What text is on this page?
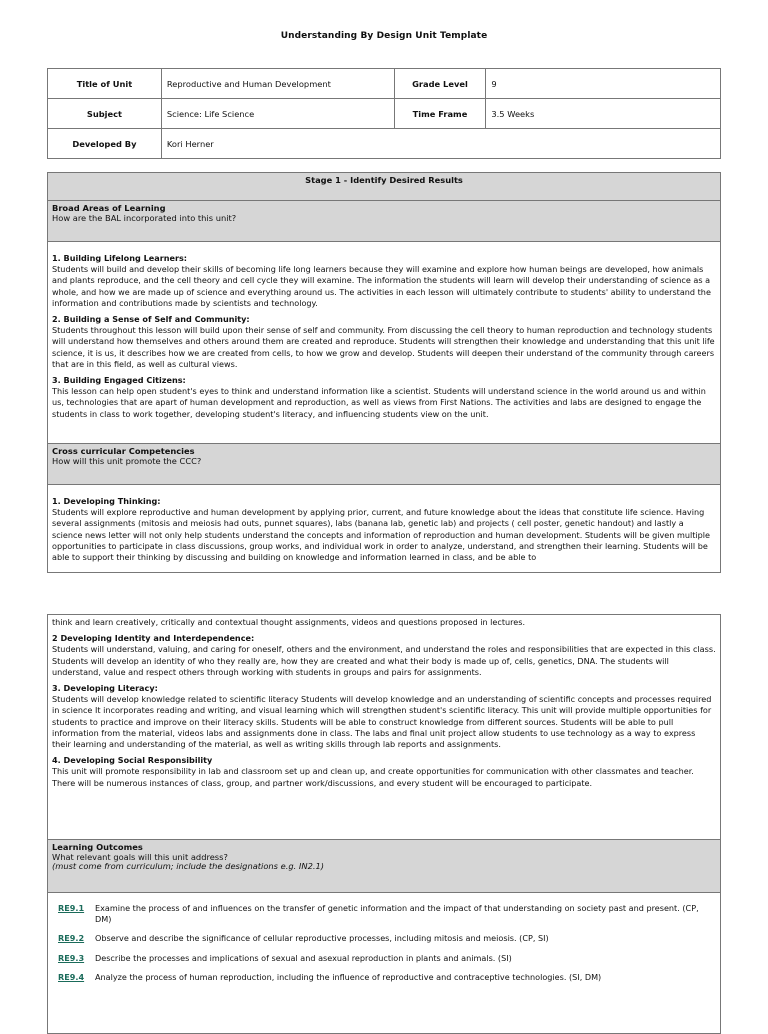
Understanding By Design Unit Template
Title of Unit	Reproductive and Human Development	Grade Level	9
Subject	Science: Life Science	Time Frame	3.5 Weeks
Developed By	Kori Herner		
Stage 1 - Identify Desired Results
Broad Areas of Learning
How are the BAL incorporated into this unit?
1. Building Lifelong Learners:
Students will build and develop their skills of becoming life long learners because they will examine and explore how human beings are developed, how animals and plants reproduce, and the cell theory and cell cycle they will examine. The information the students will learn will develop their understanding of science as a whole, and how we are made up of science and everything around us. The activities in each lesson will ultimately contribute to students' ability to understand the information and contributions made by scientists and technology.
2. Building a Sense of Self and Community:
Students throughout this lesson will build upon their sense of self and community. From discussing the cell theory to human reproduction and technology students will understand how themselves and others around them are created and reproduce. Students will strengthen their knowledge and understanding that this unit life science, it is us, it describes how we are created from cells, to how we grow and develop. Students will deepen their understand of the community through careers that are in this field, as well as cultural views.
3. Building Engaged Citizens:
This lesson can help open student's eyes to think and understand information like a scientist. Students will understand science in the world around us and within us, technologies that are apart of human development and reproduction, as well as views from First Nations. The activities and labs are designed to engage the students in class to work together, developing student's literacy, and influencing students view on the unit.
Cross curricular Competencies
How will this unit promote the CCC?
1. Developing Thinking:
Students will explore reproductive and human development by applying prior, current, and future knowledge about the ideas that constitute life science. Having several assignments (mitosis and meiosis had outs, punnet squares), labs (banana lab, genetic lab) and projects ( cell poster, genetic handout) and lastly a science news letter will not only help students understand the concepts and information of reproduction and human development. Students will be given multiple opportunities to participate in class discussions, group works, and individual work in order to analyze, understand, and strengthen their learning. Students will be able to support their thinking by discussing and building on knowledge and information learned in class, and be able to
think and learn creatively, critically and contextual thought assignments, videos and questions proposed in lectures.
2 Developing Identity and Interdependence:
Students will understand, valuing, and caring for oneself, others and the environment, and understand the roles and responsibilities that are expected in this class. Students will develop an identity of who they really are, how they are created and what their body is made up of, cells, genetics, DNA. The students will understand, value and respect others through working with students in groups and pairs for assignments.
3. Developing Literacy:
Students will develop knowledge related to scientific literacy Students will develop knowledge and an understanding of scientific concepts and processes required in science It incorporates reading and writing, and visual learning which will strengthen student's scientific literacy. This unit will provide multiple opportunities for students to practice and improve on their literacy skills. Students will be able to construct knowledge from different sources. Students will be able to pull information from the material, videos labs and assignments done in class. The labs and final unit project allow students to use technology as a way to express their learning and understanding of the material, as well as writing skills through lab reports and assignments.
4. Developing Social Responsibility
This unit will promote responsibility in lab and classroom set up and clean up, and create opportunities for communication with other classmates and teacher. There will be numerous instances of class, group, and partner work/discussions, and every student will be encouraged to participate.
Learning Outcomes
What relevant goals will this unit address?
(must come from curriculum; include the designations e.g. IN2.1)
RE9.1	Examine the process of and influences on the transfer of genetic information and the impact of that understanding on society past and present. (CP, DM)
RE9.2	Observe and describe the significance of cellular reproductive processes, including mitosis and meiosis. (CP, SI)
RE9.3	Describe the processes and implications of sexual and asexual reproduction in plants and animals. (SI)
RE9.4	Analyze the process of human reproduction, including the influence of reproductive and contraceptive technologies. (SI, DM)
